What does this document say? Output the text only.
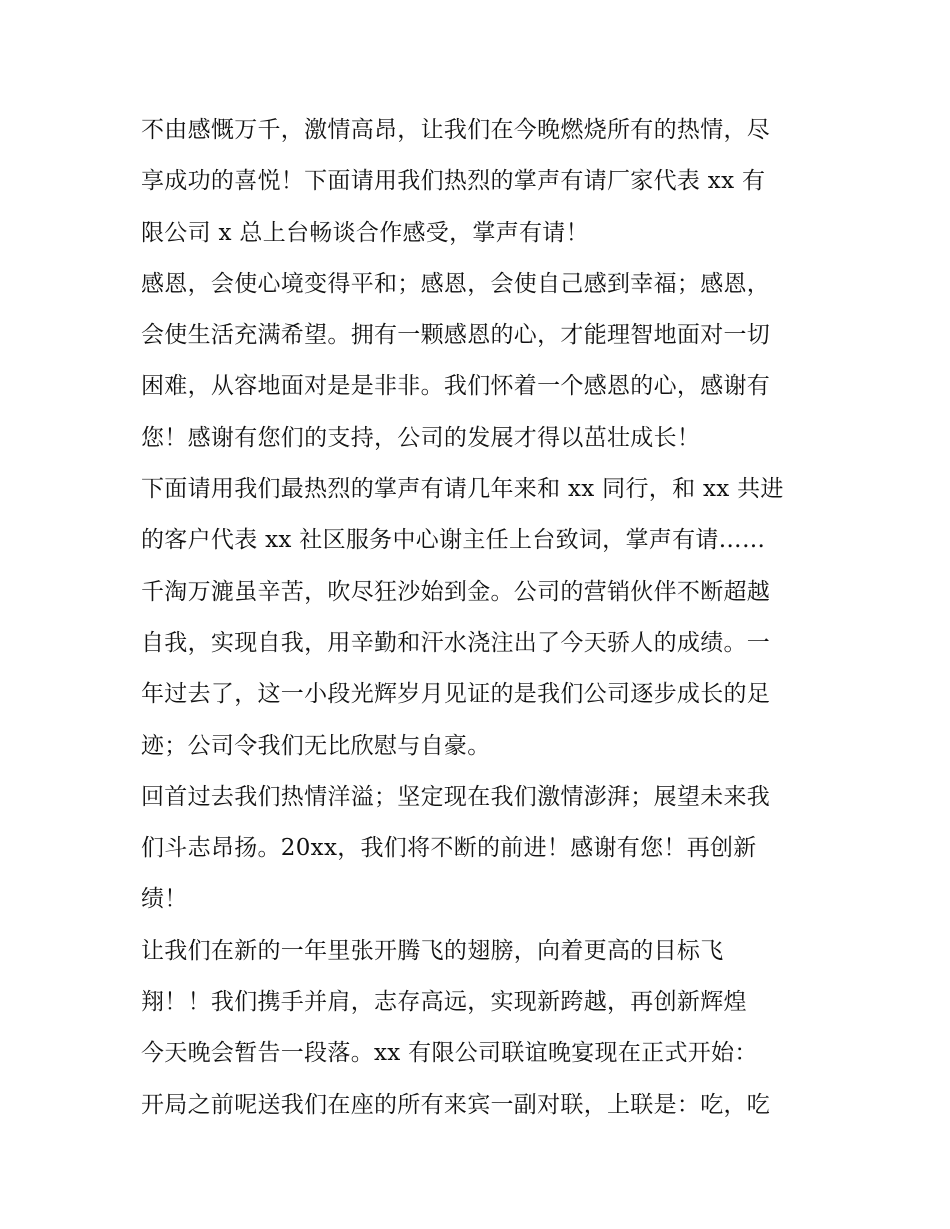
不由感慨万千，激情高昂，让我们在今晚燃烧所有的热情，尽
享成功的喜悦！下面请用我们热烈的掌声有请厂家代表 xx 有
限公司 x 总上台畅谈合作感受，掌声有请！
感恩，会使心境变得平和；感恩，会使自己感到幸福；感恩，
会使生活充满希望。拥有一颗感恩的心，才能理智地面对一切
困难，从容地面对是是非非。我们怀着一个感恩的心，感谢有
您！感谢有您们的支持，公司的发展才得以茁壮成长！
下面请用我们最热烈的掌声有请几年来和 xx 同行，和 xx 共进
的客户代表 xx 社区服务中心谢主任上台致词，掌声有请……
千淘万漉虽辛苦，吹尽狂沙始到金。公司的营销伙伴不断超越
自我，实现自我，用辛勤和汗水浇注出了今天骄人的成绩。一
年过去了，这一小段光辉岁月见证的是我们公司逐步成长的足
迹；公司令我们无比欣慰与自豪。
回首过去我们热情洋溢；坚定现在我们激情澎湃；展望未来我
们斗志昂扬。20xx，我们将不断的前进！感谢有您！再创新
绩！
让我们在新的一年里张开腾飞的翅膀，向着更高的目标飞
翔！！我们携手并肩，志存高远，实现新跨越，再创新辉煌
今天晚会暂告一段落。xx 有限公司联谊晚宴现在正式开始：
开局之前呢送我们在座的所有来宾一副对联，上联是：吃，吃
